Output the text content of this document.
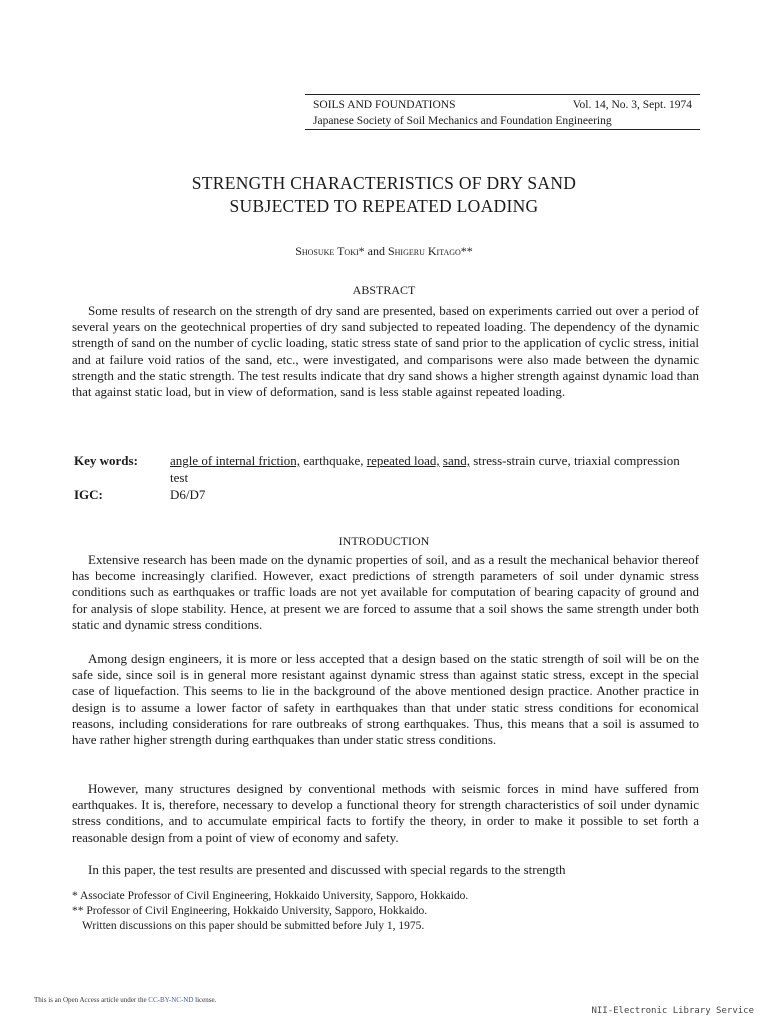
SOILS AND FOUNDATIONS	Vol. 14, No. 3, Sept. 1974
Japanese Society of Soil Mechanics and Foundation Engineering
STRENGTH CHARACTERISTICS OF DRY SAND
SUBJECTED TO REPEATED LOADING
Shosuke Toki* and Shigeru Kitago**
ABSTRACT
Some results of research on the strength of dry sand are presented, based on experiments carried out over a period of several years on the geotechnical properties of dry sand subjected to repeated loading. The dependency of the dynamic strength of sand on the number of cyclic loading, static stress state of sand prior to the application of cyclic stress, initial and at failure void ratios of the sand, etc., were investigated, and comparisons were also made between the dynamic strength and the static strength. The test results indicate that dry sand shows a higher strength against dynamic load than that against static load, but in view of deformation, sand is less stable against repeated loading.
Key words:	angle of internal friction, earthquake, repeated load, sand, stress-strain curve, triaxial compression test
IGC:	D6/D7
INTRODUCTION
Extensive research has been made on the dynamic properties of soil, and as a result the mechanical behavior thereof has become increasingly clarified. However, exact predictions of strength parameters of soil under dynamic stress conditions such as earthquakes or traffic loads are not yet available for computation of bearing capacity of ground and for analysis of slope stability. Hence, at present we are forced to assume that a soil shows the same strength under both static and dynamic stress conditions.
Among design engineers, it is more or less accepted that a design based on the static strength of soil will be on the safe side, since soil is in general more resistant against dynamic stress than against static stress, except in the special case of liquefaction. This seems to lie in the background of the above mentioned design practice. Another practice in design is to assume a lower factor of safety in earthquakes than that under static stress conditions for economical reasons, including considerations for rare outbreaks of strong earthquakes. Thus, this means that a soil is assumed to have rather higher strength during earthquakes than under static stress conditions.
However, many structures designed by conventional methods with seismic forces in mind have suffered from earthquakes. It is, therefore, necessary to develop a functional theory for strength characteristics of soil under dynamic stress conditions, and to accumulate empirical facts to fortify the theory, in order to make it possible to set forth a reasonable design from a point of view of economy and safety.
In this paper, the test results are presented and discussed with special regards to the strength
* Associate Professor of Civil Engineering, Hokkaido University, Sapporo, Hokkaido.
** Professor of Civil Engineering, Hokkaido University, Sapporo, Hokkaido.
Written discussions on this paper should be submitted before July 1, 1975.
This is an Open Access article under the CC-BY-NC-ND license.
NII-Electronic Library Service
